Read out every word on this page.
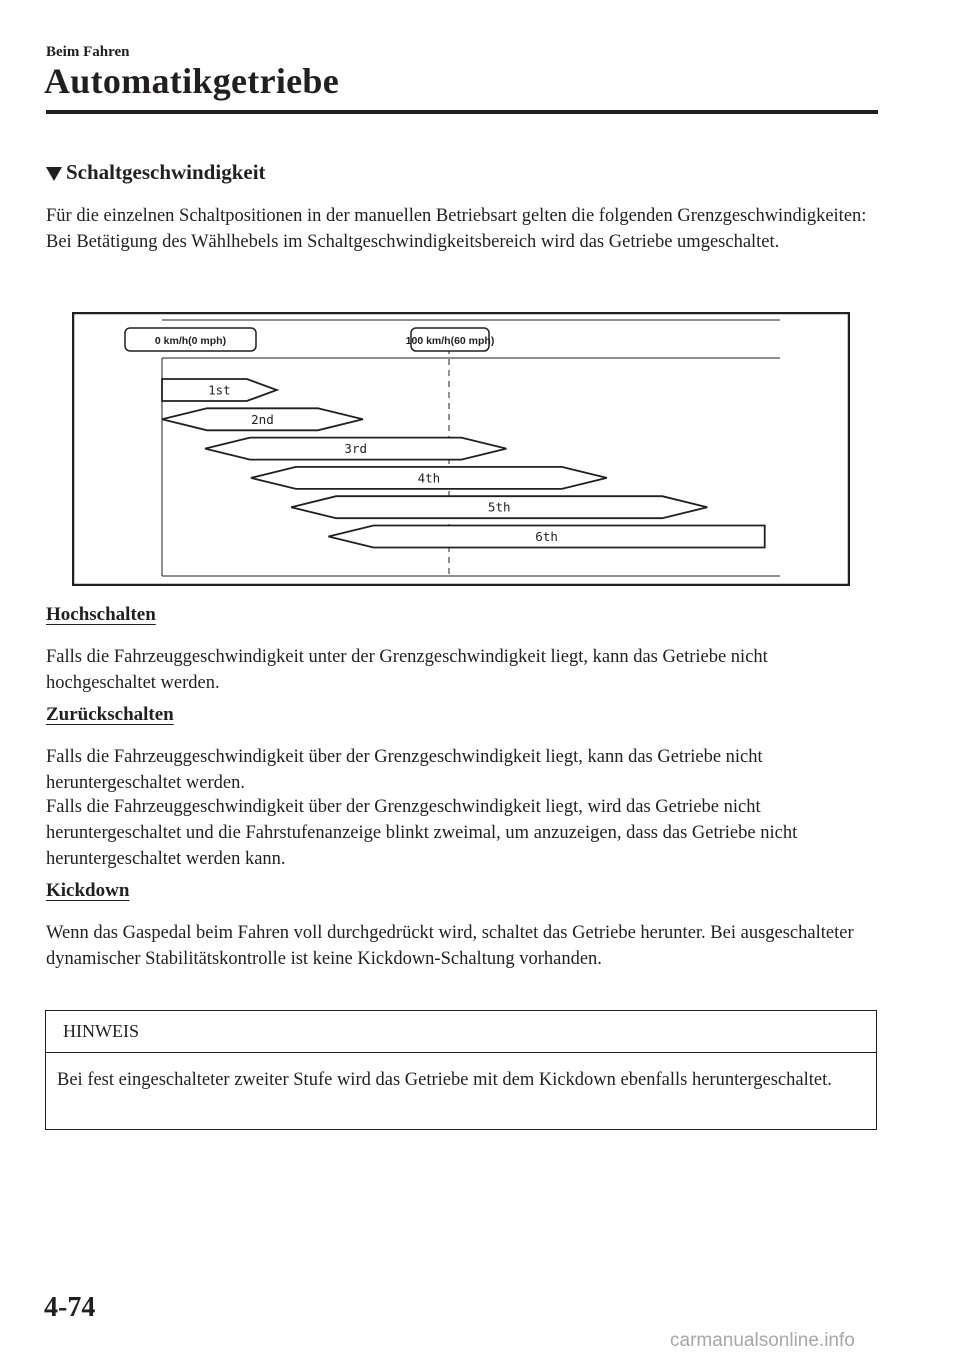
Beim Fahren
Automatikgetriebe
Schaltgeschwindigkeit
Für die einzelnen Schaltpositionen in der manuellen Betriebsart gelten die folgenden Grenzgeschwindigkeiten: Bei Betätigung des Wählhebels im Schaltgeschwindigkeitsbereich wird das Getriebe umgeschaltet.
0 km/h(0 mph)	100 km/h(60 mph)
1st
2nd
3rd
4th
5th
6th
Hochschalten
Falls die Fahrzeuggeschwindigkeit unter der Grenzgeschwindigkeit liegt, kann das Getriebe nicht hochgeschaltet werden.
Zurückschalten
Falls die Fahrzeuggeschwindigkeit über der Grenzgeschwindigkeit liegt, kann das Getriebe nicht heruntergeschaltet werden.
Falls die Fahrzeuggeschwindigkeit über der Grenzgeschwindigkeit liegt, wird das Getriebe nicht heruntergeschaltet und die Fahrstufenanzeige blinkt zweimal, um anzuzeigen, dass das Getriebe nicht heruntergeschaltet werden kann.
Kickdown
Wenn das Gaspedal beim Fahren voll durchgedrückt wird, schaltet das Getriebe herunter. Bei ausgeschalteter dynamischer Stabilitätskontrolle ist keine Kickdown-Schaltung vorhanden.
HINWEIS
Bei fest eingeschalteter zweiter Stufe wird das Getriebe mit dem Kickdown ebenfalls heruntergeschaltet.
4-74
carmanualsonline.info
